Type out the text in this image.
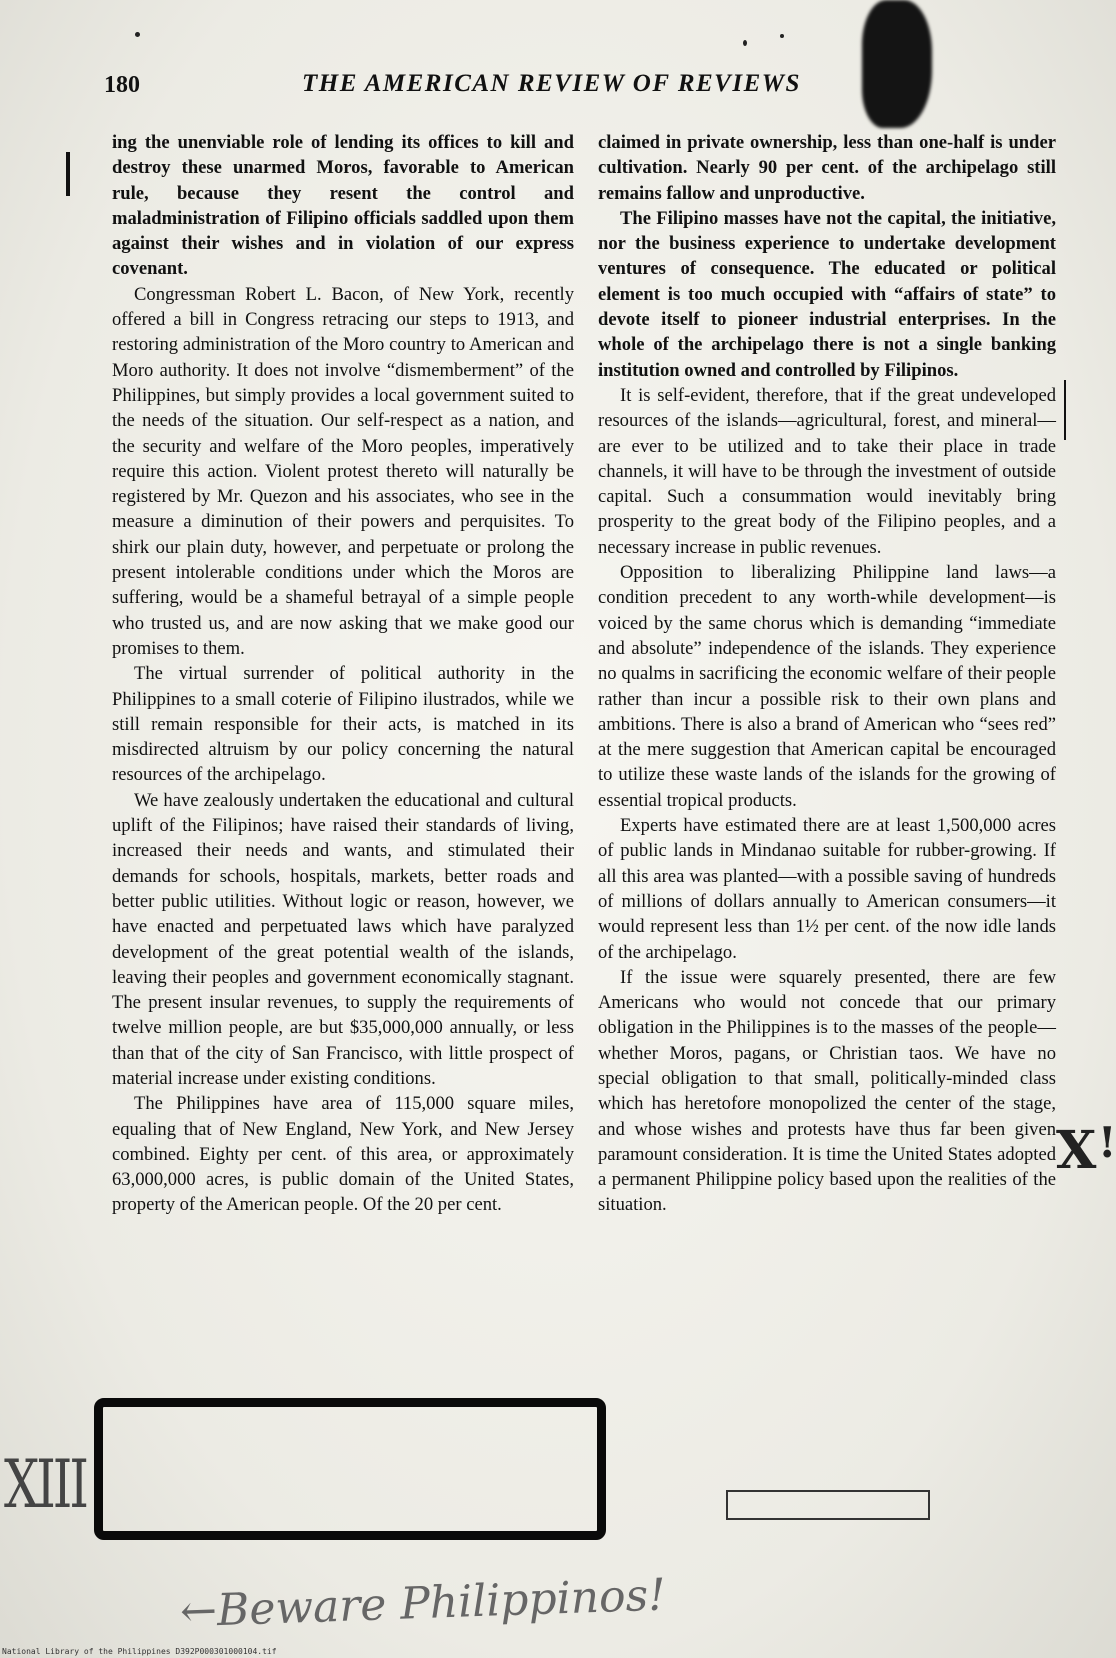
180	THE AMERICAN REVIEW OF REVIEWS

ing the unenviable role of lending its offices to kill and destroy these unarmed Moros, favorable to American rule, because they resent the control and maladministration of Filipino officials saddled upon them against their wishes and in violation of our express covenant.

Congressman Robert L. Bacon, of New York, recently offered a bill in Congress retracing our steps to 1913, and restoring administration of the Moro country to American and Moro authority. It does not involve “dismemberment” of the Philippines, but simply provides a local government suited to the needs of the situation. Our self-respect as a nation, and the security and welfare of the Moro peoples, imperatively require this action. Violent protest thereto will naturally be registered by Mr. Quezon and his associates, who see in the measure a diminution of their powers and perquisites. To shirk our plain duty, however, and perpetuate or prolong the present intolerable conditions under which the Moros are suffering, would be a shameful betrayal of a simple people who trusted us, and are now asking that we make good our promises to them.

The virtual surrender of political authority in the Philippines to a small coterie of Filipino ilustrados, while we still remain responsible for their acts, is matched in its misdirected altruism by our policy concerning the natural resources of the archipelago.

We have zealously undertaken the educational and cultural uplift of the Filipinos; have raised their standards of living, increased their needs and wants, and stimulated their demands for schools, hospitals, markets, better roads and better public utilities. Without logic or reason, however, we have enacted and perpetuated laws which have paralyzed development of the great potential wealth of the islands, leaving their peoples and government economically stagnant. The present insular revenues, to supply the requirements of twelve million people, are but $35,000,000 annually, or less than that of the city of San Francisco, with little prospect of material increase under existing conditions.

The Philippines have area of 115,000 square miles, equaling that of New England, New York, and New Jersey combined. Eighty per cent. of this area, or approximately 63,000,000 acres, is public domain of the United States, property of the American people. Of the 20 per cent.

claimed in private ownership, less than one-half is under cultivation. Nearly 90 per cent. of the archipelago still remains fallow and unproductive.

The Filipino masses have not the capital, the initiative, nor the business experience to undertake development ventures of consequence. The educated or political element is too much occupied with “affairs of state” to devote itself to pioneer industrial enterprises. In the whole of the archipelago there is not a single banking institution owned and controlled by Filipinos.

It is self-evident, therefore, that if the great undeveloped resources of the islands—agricultural, forest, and mineral—are ever to be utilized and to take their place in trade channels, it will have to be through the investment of outside capital. Such a consummation would inevitably bring prosperity to the great body of the Filipino peoples, and a necessary increase in public revenues.

Opposition to liberalizing Philippine land laws—a condition precedent to any worth-while development—is voiced by the same chorus which is demanding “immediate and absolute” independence of the islands. They experience no qualms in sacrificing the economic welfare of their people rather than incur a possible risk to their own plans and ambitions. There is also a brand of American who “sees red” at the mere suggestion that American capital be encouraged to utilize these waste lands of the islands for the growing of essential tropical products.

Experts have estimated there are at least 1,500,000 acres of public lands in Mindanao suitable for rubber-growing. If all this area was planted—with a possible saving of hundreds of millions of dollars annually to American consumers—it would represent less than 1½ per cent. of the now idle lands of the archipelago.

If the issue were squarely presented, there are few Americans who would not concede that our primary obligation in the Philippines is to the masses of the people—whether Moros, pagans, or Christian taos. We have no special obligation to that small, politically-minded class which has heretofore monopolized the center of the stage, and whose wishes and protests have thus far been given paramount consideration. It is time the United States adopted a permanent Philippine policy based upon the realities of the situation.

XIII
X !
←Beware Philippinos!
National Library of the Philippines D392P000301000104.tif
